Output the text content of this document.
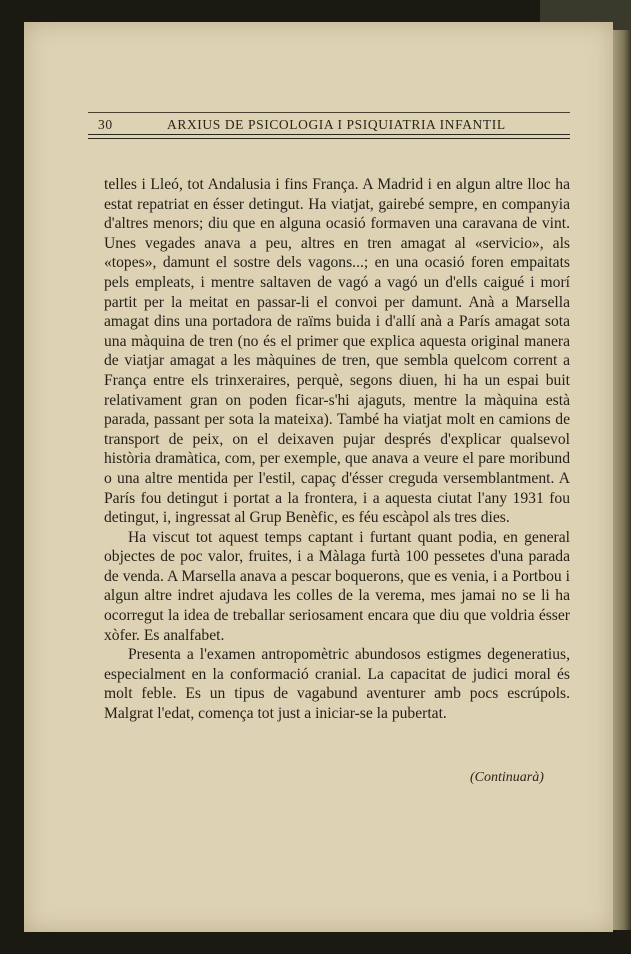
30	ARXIUS DE PSICOLOGIA I PSIQUIATRIA INFANTIL

telles i Lleó, tot Andalusia i fins França. A Madrid i en algun altre lloc ha estat repatriat en ésser detingut. Ha viatjat, gairebé sempre, en companyia d'altres menors; diu que en alguna ocasió formaven una caravana de vint. Unes vegades anava a peu, altres en tren amagat al «servicio», als «topes», damunt el sostre dels vagons...; en una ocasió foren empaitats pels empleats, i mentre saltaven de vagó a vagó un d'ells caigué i morí partit per la meitat en passar-li el convoi per damunt. Anà a Marsella amagat dins una portadora de raïms buida i d'allí anà a París amagat sota una màquina de tren (no és el primer que explica aquesta original manera de viatjar amagat a les màquines de tren, que sembla quelcom corrent a França entre els trinxeraires, perquè, segons diuen, hi ha un espai buit relativament gran on poden ficar-s'hi ajaguts, mentre la màquina està parada, passant per sota la mateixa). També ha viatjat molt en camions de transport de peix, on el deixaven pujar després d'explicar qualsevol història dramàtica, com, per exemple, que anava a veure el pare moribund o una altre mentida per l'estil, capaç d'ésser creguda versemblantment. A París fou detingut i portat a la frontera, i a aquesta ciutat l'any 1931 fou detingut, i, ingressat al Grup Benèfic, es féu escàpol als tres dies.

Ha viscut tot aquest temps captant i furtant quant podia, en general objectes de poc valor, fruites, i a Màlaga furtà 100 pessetes d'una parada de venda. A Marsella anava a pescar boquerons, que es venia, i a Portbou i algun altre indret ajudava les colles de la verema, mes jamai no se li ha ocorregut la idea de treballar seriosament encara que diu que voldria ésser xòfer. Es analfabet.

Presenta a l'examen antropomètric abundosos estigmes degeneratius, especialment en la conformació cranial. La capacitat de judici moral és molt feble. Es un tipus de vagabund aventurer amb pocs escrúpols. Malgrat l'edat, comença tot just a iniciar-se la pubertat.

(Continuarà)
